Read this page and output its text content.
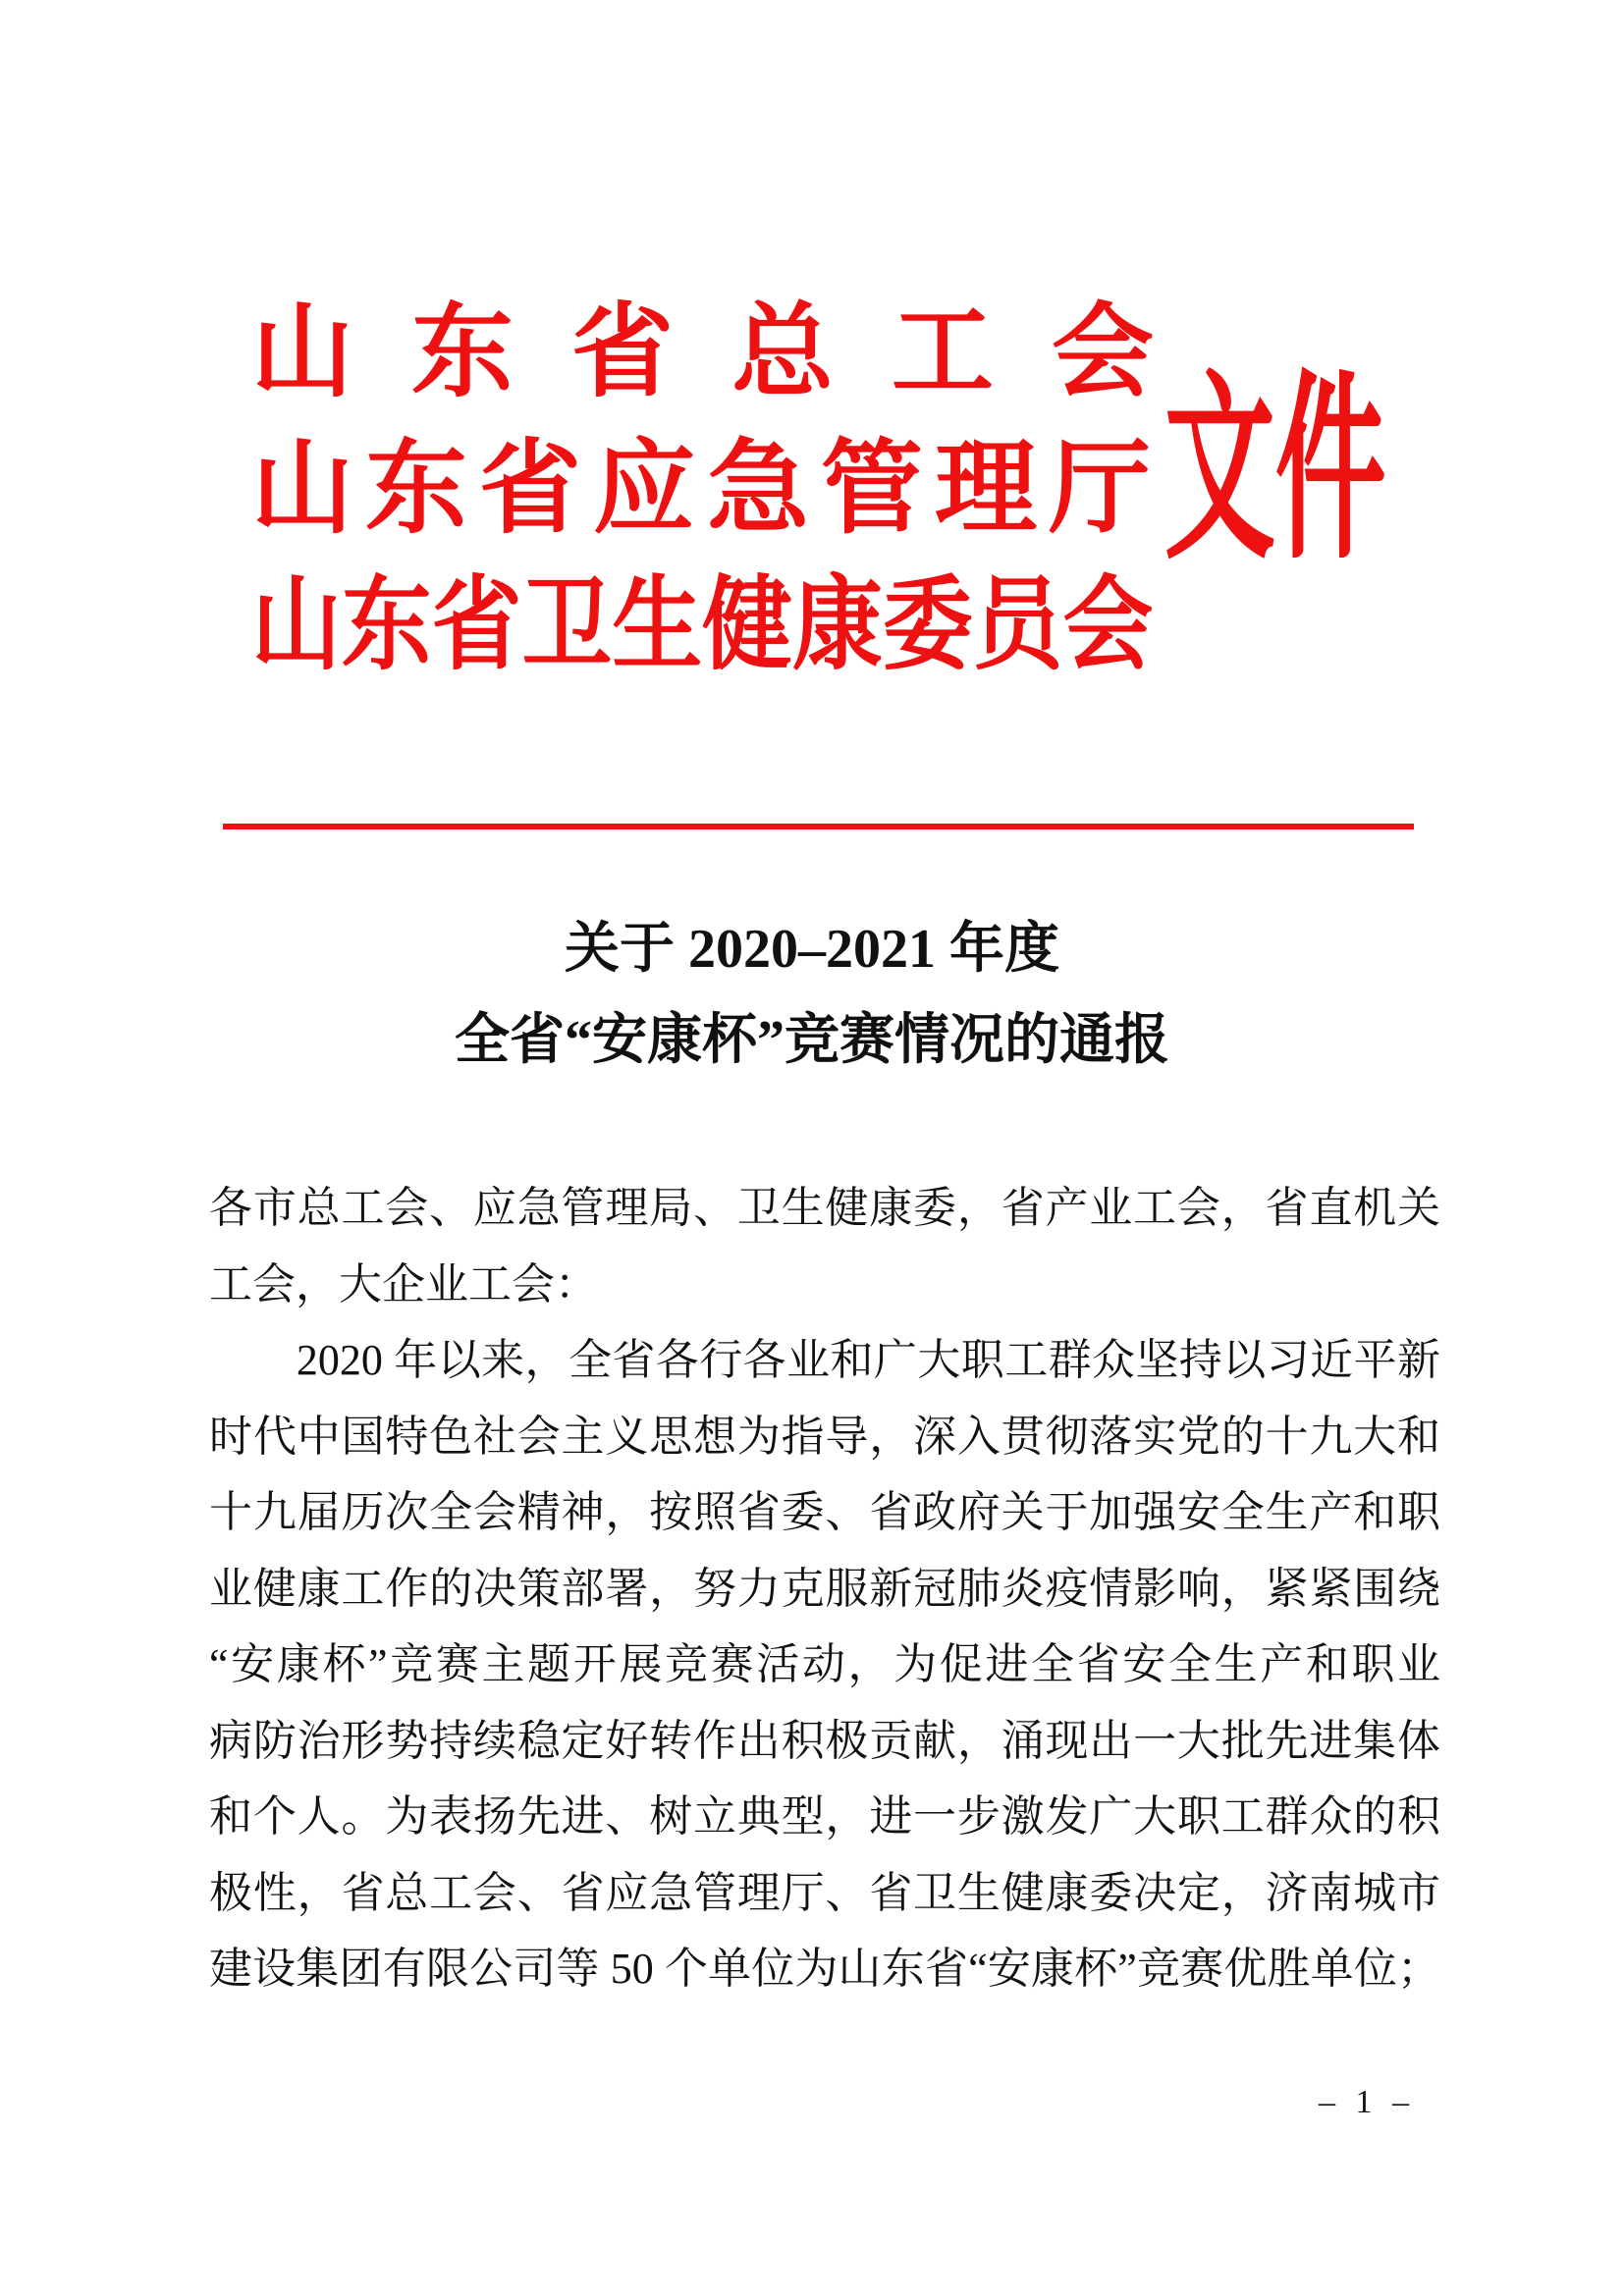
山东省总工会
山东省应急管理厅
山东省卫生健康委员会
文件
关于 2020–2021 年度
全省“安康杯”竞赛情况的通报

各市总工会、应急管理局、卫生健康委，省产业工会，省直机关

工会，大企业工会：

　　2020 年以来，全省各行各业和广大职工群众坚持以习近平新

时代中国特色社会主义思想为指导，深入贯彻落实党的十九大和

十九届历次全会精神，按照省委、省政府关于加强安全生产和职

业健康工作的决策部署，努力克服新冠肺炎疫情影响，紧紧围绕

“安康杯”竞赛主题开展竞赛活动，为促进全省安全生产和职业

病防治形势持续稳定好转作出积极贡献，涌现出一大批先进集体

和个人。为表扬先进、树立典型，进一步激发广大职工群众的积

极性，省总工会、省应急管理厅、省卫生健康委决定，济南城市

建设集团有限公司等 50 个单位为山东省“安康杯”竞赛优胜单位；

– 1 –
